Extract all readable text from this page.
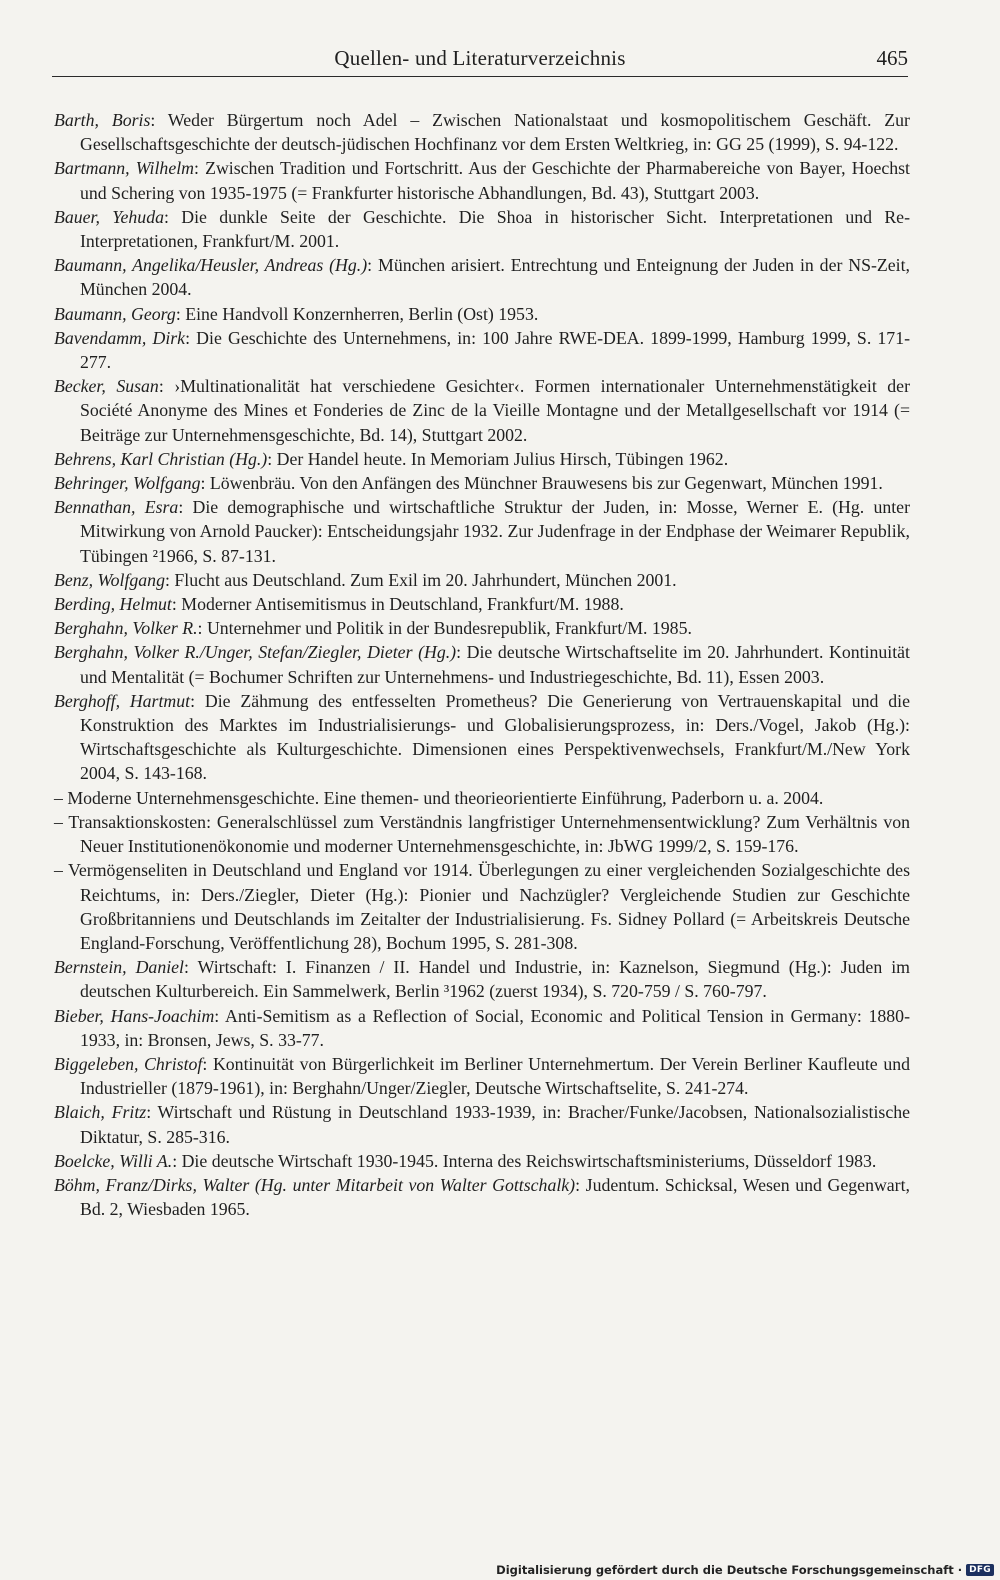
Quellen- und Literaturverzeichnis	465

Barth, Boris: Weder Bürgertum noch Adel – Zwischen Nationalstaat und kosmopolitischem Geschäft. Zur Gesellschaftsgeschichte der deutsch-jüdischen Hochfinanz vor dem Ersten Weltkrieg, in: GG 25 (1999), S. 94-122.

Bartmann, Wilhelm: Zwischen Tradition und Fortschritt. Aus der Geschichte der Pharmabereiche von Bayer, Hoechst und Schering von 1935-1975 (= Frankfurter historische Abhandlungen, Bd. 43), Stuttgart 2003.

Bauer, Yehuda: Die dunkle Seite der Geschichte. Die Shoa in historischer Sicht. Interpretationen und Re-Interpretationen, Frankfurt/M. 2001.

Baumann, Angelika/Heusler, Andreas (Hg.): München arisiert. Entrechtung und Enteignung der Juden in der NS-Zeit, München 2004.

Baumann, Georg: Eine Handvoll Konzernherren, Berlin (Ost) 1953.

Bavendamm, Dirk: Die Geschichte des Unternehmens, in: 100 Jahre RWE-DEA. 1899-1999, Hamburg 1999, S. 171-277.

Becker, Susan: ›Multinationalität hat verschiedene Gesichter‹. Formen internationaler Unternehmenstätigkeit der Société Anonyme des Mines et Fonderies de Zinc de la Vieille Montagne und der Metallgesellschaft vor 1914 (= Beiträge zur Unternehmensgeschichte, Bd. 14), Stuttgart 2002.

Behrens, Karl Christian (Hg.): Der Handel heute. In Memoriam Julius Hirsch, Tübingen 1962.

Behringer, Wolfgang: Löwenbräu. Von den Anfängen des Münchner Brauwesens bis zur Gegenwart, München 1991.

Bennathan, Esra: Die demographische und wirtschaftliche Struktur der Juden, in: Mosse, Werner E. (Hg. unter Mitwirkung von Arnold Paucker): Entscheidungsjahr 1932. Zur Judenfrage in der Endphase der Weimarer Republik, Tübingen ²1966, S. 87-131.

Benz, Wolfgang: Flucht aus Deutschland. Zum Exil im 20. Jahrhundert, München 2001.

Berding, Helmut: Moderner Antisemitismus in Deutschland, Frankfurt/M. 1988.

Berghahn, Volker R.: Unternehmer und Politik in der Bundesrepublik, Frankfurt/M. 1985.

Berghahn, Volker R./Unger, Stefan/Ziegler, Dieter (Hg.): Die deutsche Wirtschaftselite im 20. Jahrhundert. Kontinuität und Mentalität (= Bochumer Schriften zur Unternehmens- und Industriegeschichte, Bd. 11), Essen 2003.

Berghoff, Hartmut: Die Zähmung des entfesselten Prometheus? Die Generierung von Vertrauenskapital und die Konstruktion des Marktes im Industrialisierungs- und Globalisierungsprozess, in: Ders./Vogel, Jakob (Hg.): Wirtschaftsgeschichte als Kulturgeschichte. Dimensionen eines Perspektivenwechsels, Frankfurt/M./New York 2004, S. 143-168.

– Moderne Unternehmensgeschichte. Eine themen- und theorieorientierte Einführung, Paderborn u. a. 2004.

– Transaktionskosten: Generalschlüssel zum Verständnis langfristiger Unternehmensentwicklung? Zum Verhältnis von Neuer Institutionenökonomie und moderner Unternehmensgeschichte, in: JbWG 1999/2, S. 159-176.

– Vermögenseliten in Deutschland und England vor 1914. Überlegungen zu einer vergleichenden Sozialgeschichte des Reichtums, in: Ders./Ziegler, Dieter (Hg.): Pionier und Nachzügler? Vergleichende Studien zur Geschichte Großbritanniens und Deutschlands im Zeitalter der Industrialisierung. Fs. Sidney Pollard (= Arbeitskreis Deutsche England-Forschung, Veröffentlichung 28), Bochum 1995, S. 281-308.

Bernstein, Daniel: Wirtschaft: I. Finanzen / II. Handel und Industrie, in: Kaznelson, Siegmund (Hg.): Juden im deutschen Kulturbereich. Ein Sammelwerk, Berlin ³1962 (zuerst 1934), S. 720-759 / S. 760-797.

Bieber, Hans-Joachim: Anti-Semitism as a Reflection of Social, Economic and Political Tension in Germany: 1880-1933, in: Bronsen, Jews, S. 33-77.

Biggeleben, Christof: Kontinuität von Bürgerlichkeit im Berliner Unternehmertum. Der Verein Berliner Kaufleute und Industrieller (1879-1961), in: Berghahn/Unger/Ziegler, Deutsche Wirtschaftselite, S. 241-274.

Blaich, Fritz: Wirtschaft und Rüstung in Deutschland 1933-1939, in: Bracher/Funke/Jacobsen, Nationalsozialistische Diktatur, S. 285-316.

Boelcke, Willi A.: Die deutsche Wirtschaft 1930-1945. Interna des Reichswirtschaftsministeriums, Düsseldorf 1983.

Böhm, Franz/Dirks, Walter (Hg. unter Mitarbeit von Walter Gottschalk): Judentum. Schicksal, Wesen und Gegenwart, Bd. 2, Wiesbaden 1965.

Digitalisierung gefördert durch die Deutsche Forschungsgemeinschaft · DFG
